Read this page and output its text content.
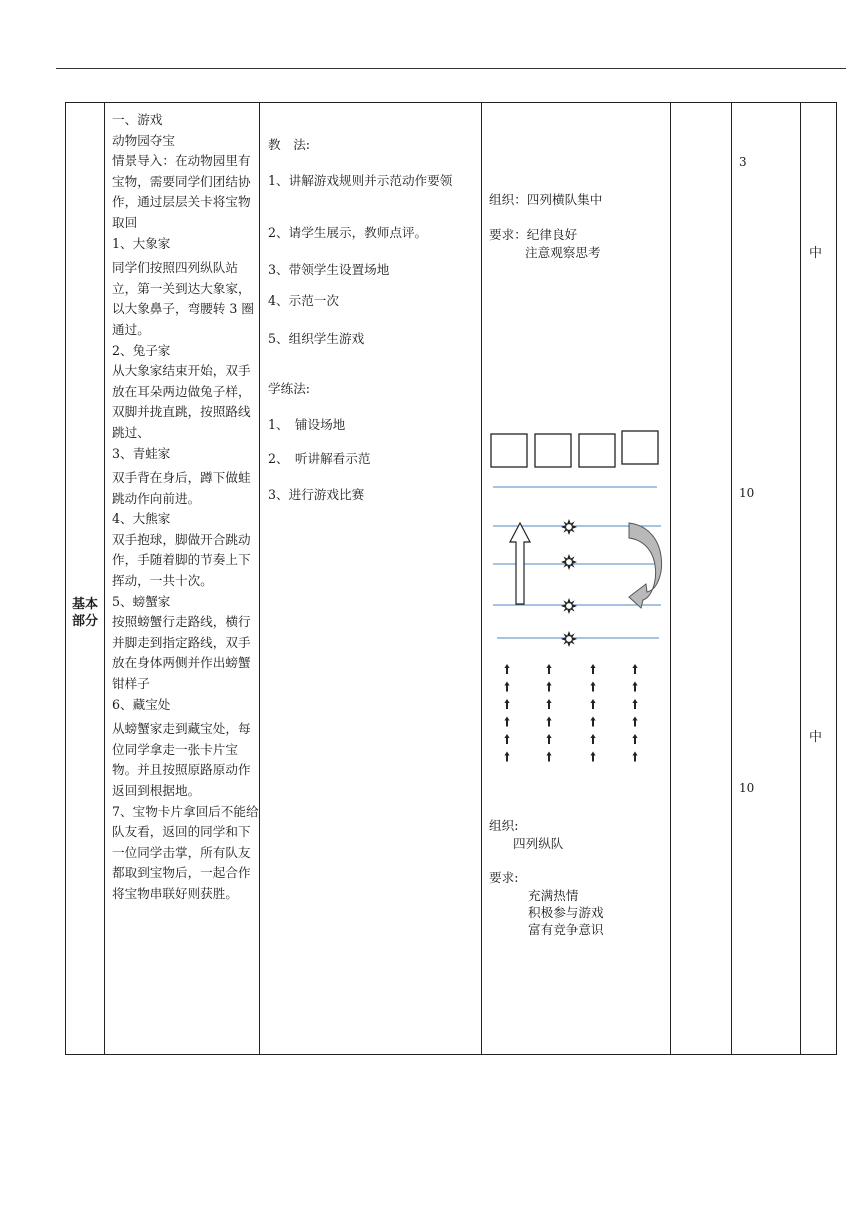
基本部分

一、游戏

动物园夺宝

情景导入：在动物园里有宝物，需要同学们团结协作，通过层层关卡将宝物取回

1、大象家

同学们按照四列纵队站立，第一关到达大象家，以大象鼻子，弯腰转 3 圈通过。

2、兔子家

从大象家结束开始，双手放在耳朵两边做兔子样，双脚并拢直跳，按照路线跳过、

3、青蛙家

双手背在身后，蹲下做蛙跳动作向前进。

4、大熊家

双手抱球，脚做开合跳动作，手随着脚的节奏上下挥动，一共十次。

5、螃蟹家

按照螃蟹行走路线，横行并脚走到指定路线，双手放在身体两侧并作出螃蟹钳样子

6、藏宝处

从螃蟹家走到藏宝处，每位同学拿走一张卡片宝物。并且按照原路原动作返回到根据地。

7、宝物卡片拿回后不能给队友看，返回的同学和下一位同学击掌，所有队友都取到宝物后，一起合作将宝物串联好则获胜。

教　法:

1、讲解游戏规则并示范动作要领

2、请学生展示，教师点评。

3、带领学生设置场地

4、示范一次

5、组织学生游戏

学练法:

1、　铺设场地

2、　听讲解看示范

3、进行游戏比赛

组织：四列横队集中

要求：纪律良好

注意观察思考

组织:

四列纵队

要求:

充满热情

积极参与游戏

富有竞争意识

3
10
10
中
中
